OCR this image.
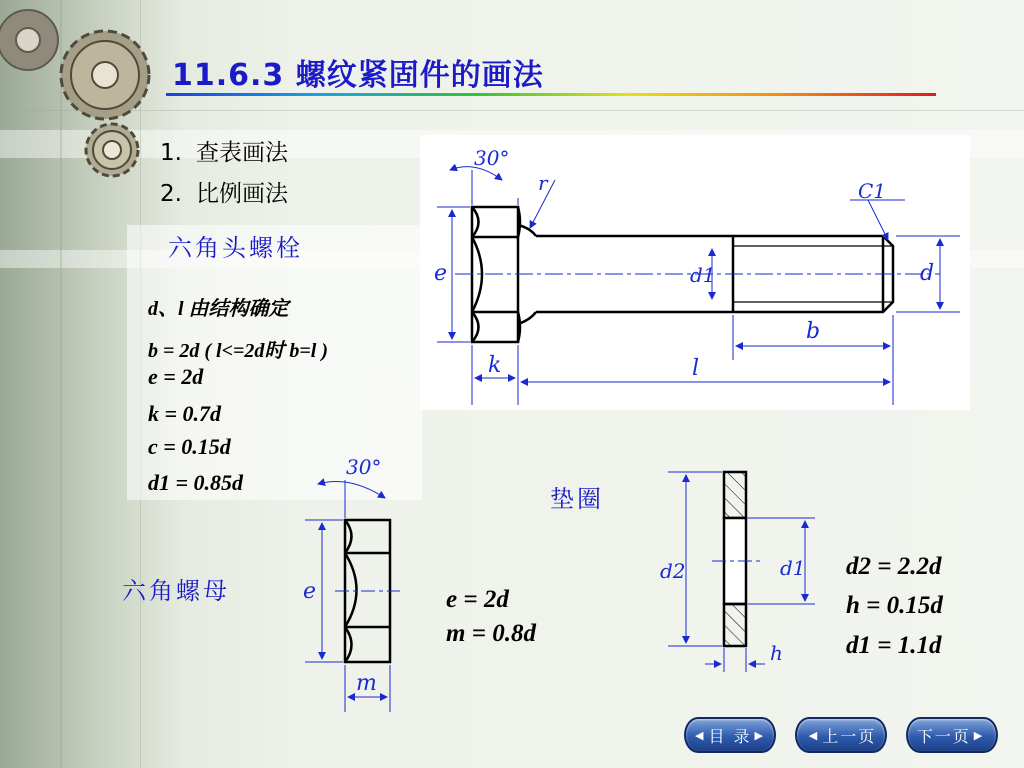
11.6.3 螺纹紧固件的画法
1. 查表画法
2. 比例画法
六角头螺栓
d、l 由结构确定
b = 2d ( l<=2d时 b=l )
e = 2d
k = 0.7d
c = 0.15d
d1 = 0.85d
六角螺母
垫圈
e = 2d
m = 0.8d
d2 = 2.2d
h = 0.15d
d1 = 1.1d
30°
r	C1
e	d1	d
b
k	l
30°
e
m
d2	d1
h
◀ 目 录 ▶	◀ 上一页	下一页 ▶
